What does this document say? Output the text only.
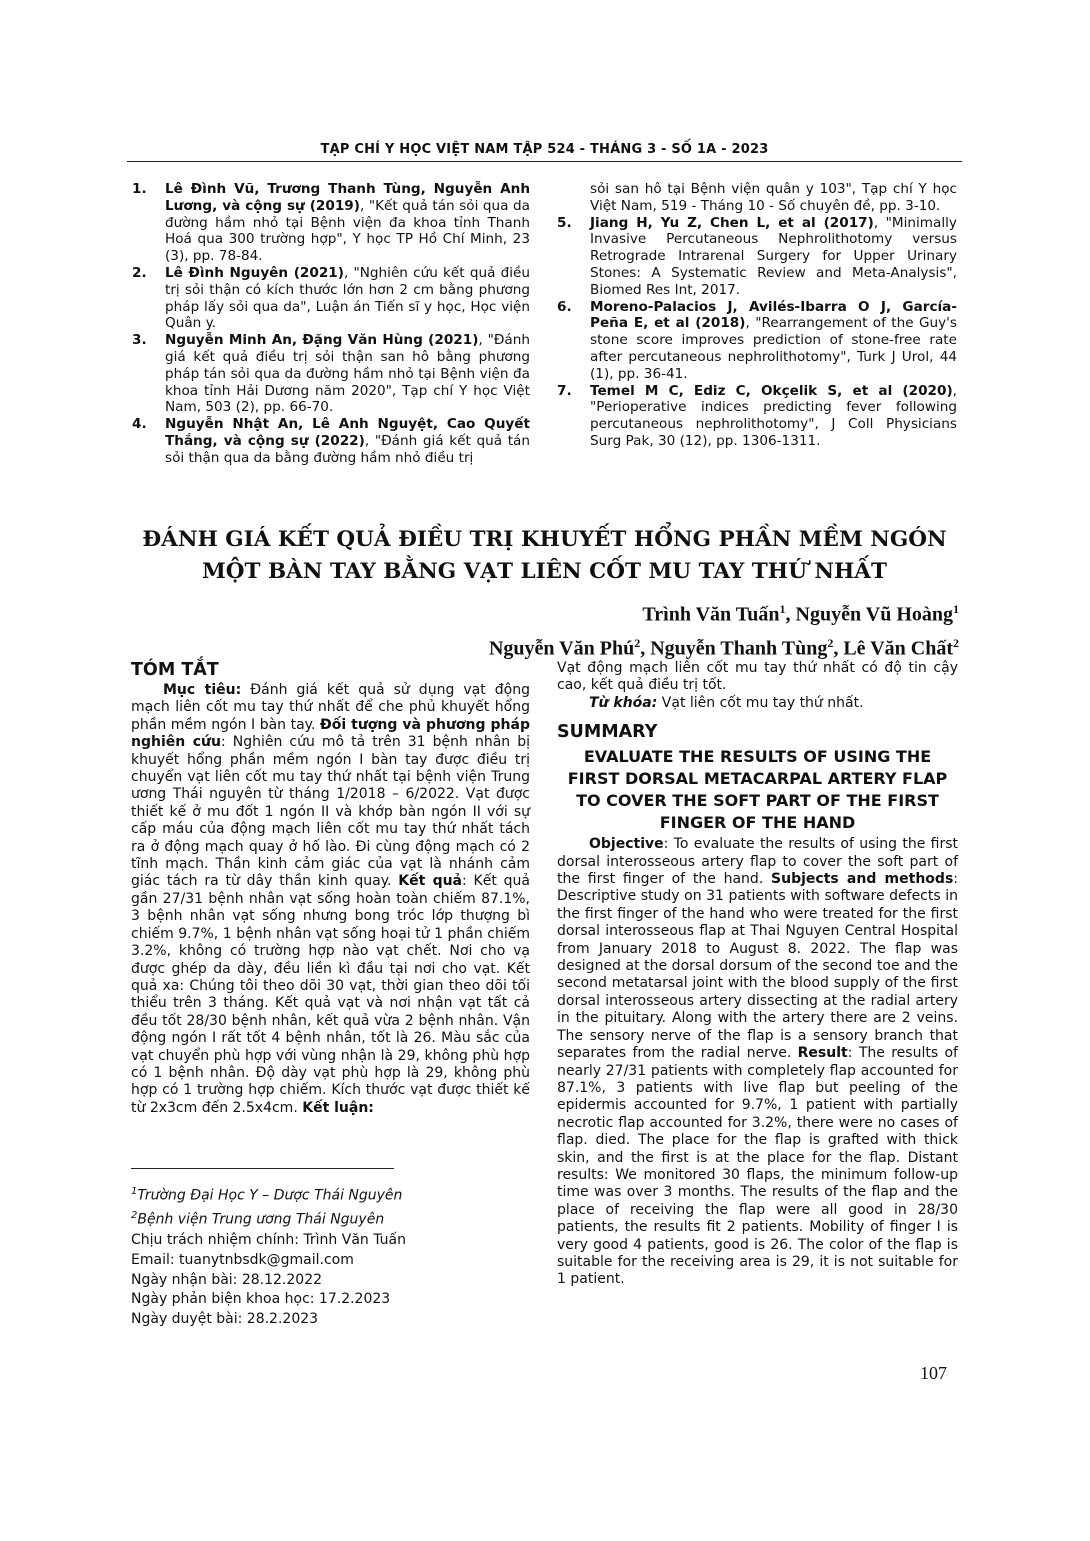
TẠP CHÍ Y HỌC VIỆT NAM TẬP 524 - THÁNG 3 - SỐ 1A - 2023
1. Lê Đình Vũ, Trương Thanh Tùng, Nguyễn Anh Lương, và cộng sự (2019), "Kết quả tán sỏi qua da đường hầm nhỏ tại Bệnh viện đa khoa tỉnh Thanh Hoá qua 300 trường hợp", Y học TP Hồ Chí Minh, 23 (3), pp. 78-84.
2. Lê Đình Nguyên (2021), "Nghiên cứu kết quả điều trị sỏi thận có kích thước lớn hơn 2 cm bằng phương pháp lấy sỏi qua da", Luận án Tiến sĩ y học, Học viện Quân y.
3. Nguyễn Minh An, Đặng Văn Hùng (2021), "Đánh giá kết quả điều trị sỏi thận san hô bằng phương pháp tán sỏi qua da đường hầm nhỏ tại Bệnh viện đa khoa tỉnh Hải Dương năm 2020", Tạp chí Y học Việt Nam, 503 (2), pp. 66-70.
4. Nguyễn Nhật An, Lê Anh Nguyệt, Cao Quyết Thắng, và cộng sự (2022), "Đánh giá kết quả tán sỏi thận qua da bằng đường hầm nhỏ điều trị
sỏi san hô tại Bệnh viện quân y 103", Tạp chí Y học Việt Nam, 519 - Tháng 10 - Số chuyên đề, pp. 3-10.
5. Jiang H, Yu Z, Chen L, et al (2017), "Minimally Invasive Percutaneous Nephrolithotomy versus Retrograde Intrarenal Surgery for Upper Urinary Stones: A Systematic Review and Meta-Analysis", Biomed Res Int, 2017.
6. Moreno-Palacios J, Avilés-Ibarra O J, García-Peña E, et al (2018), "Rearrangement of the Guy's stone score improves prediction of stone-free rate after percutaneous nephrolithotomy", Turk J Urol, 44 (1), pp. 36-41.
7. Temel M C, Ediz C, Okçelik S, et al (2020), "Perioperative indices predicting fever following percutaneous nephrolithotomy", J Coll Physicians Surg Pak, 30 (12), pp. 1306-1311.
ĐÁNH GIÁ KẾT QUẢ ĐIỀU TRỊ KHUYẾT HỔNG PHẦN MỀM NGÓN
MỘT BÀN TAY BẰNG VẠT LIÊN CỐT MU TAY THỨ NHẤT
Trình Văn Tuấn$^1$, Nguyễn Vũ Hoàng$^1$
Nguyễn Văn Phú$^2$, Nguyễn Thanh Tùng$^2$, Lê Văn Chất$^2$
TÓM TẮT

Mục tiêu: Đánh giá kết quả sử dụng vạt động mạch liên cốt mu tay thứ nhất để che phủ khuyết hổng phần mềm ngón I bàn tay. Đối tượng và phương pháp nghiên cứu: Nghiên cứu mô tả trên 31 bệnh nhân bị khuyết hổng phần mềm ngón I bàn tay được điều trị chuyển vạt liên cốt mu tay thứ nhất tại bệnh viện Trung ương Thái nguyên từ tháng 1/2018 – 6/2022. Vạt được thiết kế ở mu đốt 1 ngón II và khớp bàn ngón II với sự cấp máu của động mạch liên cốt mu tay thứ nhất tách ra ở động mạch quay ở hố lào. Đi cùng động mạch có 2 tĩnh mạch. Thần kinh cảm giác của vạt là nhánh cảm giác tách ra từ dây thần kinh quay. Kết quả: Kết quả gần 27/31 bệnh nhân vạt sống hoàn toàn chiếm 87.1%, 3 bệnh nhân vạt sống nhưng bong tróc lớp thượng bì chiếm 9.7%, 1 bệnh nhân vạt sống hoại tử 1 phần chiếm 3.2%, không có trường hợp nào vạt chết. Nơi cho vạ được ghép da dày, đều liền kì đầu tại nơi cho vạt. Kết quả xa: Chúng tôi theo dõi 30 vạt, thời gian theo dõi tối thiểu trên 3 tháng. Kết quả vạt và nơi nhận vạt tất cả đều tốt 28/30 bệnh nhân, kết quả vừa 2 bệnh nhân. Vận động ngón I rất tốt 4 bệnh nhân, tốt là 26. Màu sắc của vạt chuyển phù hợp với vùng nhận là 29, không phù hợp có 1 bệnh nhân. Độ dày vạt phù hợp là 29, không phù hợp có 1 trường hợp chiếm. Kích thước vạt được thiết kế từ 2x3cm đến 2.5x4cm. Kết luận:

$^1$Trường Đại Học Y – Dược Thái Nguyên
$^2$Bệnh viện Trung ương Thái Nguyên
Chịu trách nhiệm chính: Trình Văn Tuấn
Email: tuanytnbsdk@gmail.com
Ngày nhận bài: 28.12.2022
Ngày phản biện khoa học: 17.2.2023
Ngày duyệt bài: 28.2.2023

Vạt động mạch liên cốt mu tay thứ nhất có độ tin cậy cao, kết quả điều trị tốt.

Từ khóa: Vạt liên cốt mu tay thứ nhất.

SUMMARY
EVALUATE THE RESULTS OF USING THE FIRST DORSAL METACARPAL ARTERY FLAP TO COVER THE SOFT PART OF THE FIRST FINGER OF THE HAND

Objective: To evaluate the results of using the first dorsal interosseous artery flap to cover the soft part of the first finger of the hand. Subjects and methods: Descriptive study on 31 patients with software defects in the first finger of the hand who were treated for the first dorsal interosseous flap at Thai Nguyen Central Hospital from January 2018 to August 8. 2022. The flap was designed at the dorsal dorsum of the second toe and the second metatarsal joint with the blood supply of the first dorsal interosseous artery dissecting at the radial artery in the pituitary. Along with the artery there are 2 veins. The sensory nerve of the flap is a sensory branch that separates from the radial nerve. Result: The results of nearly 27/31 patients with completely flap accounted for 87.1%, 3 patients with live flap but peeling of the epidermis accounted for 9.7%, 1 patient with partially necrotic flap accounted for 3.2%, there were no cases of flap. died. The place for the flap is grafted with thick skin, and the first is at the place for the flap. Distant results: We monitored 30 flaps, the minimum follow-up time was over 3 months. The results of the flap and the place of receiving the flap were all good in 28/30 patients, the results fit 2 patients. Mobility of finger I is very good 4 patients, good is 26. The color of the flap is suitable for the receiving area is 29, it is not suitable for 1 patient.

107
